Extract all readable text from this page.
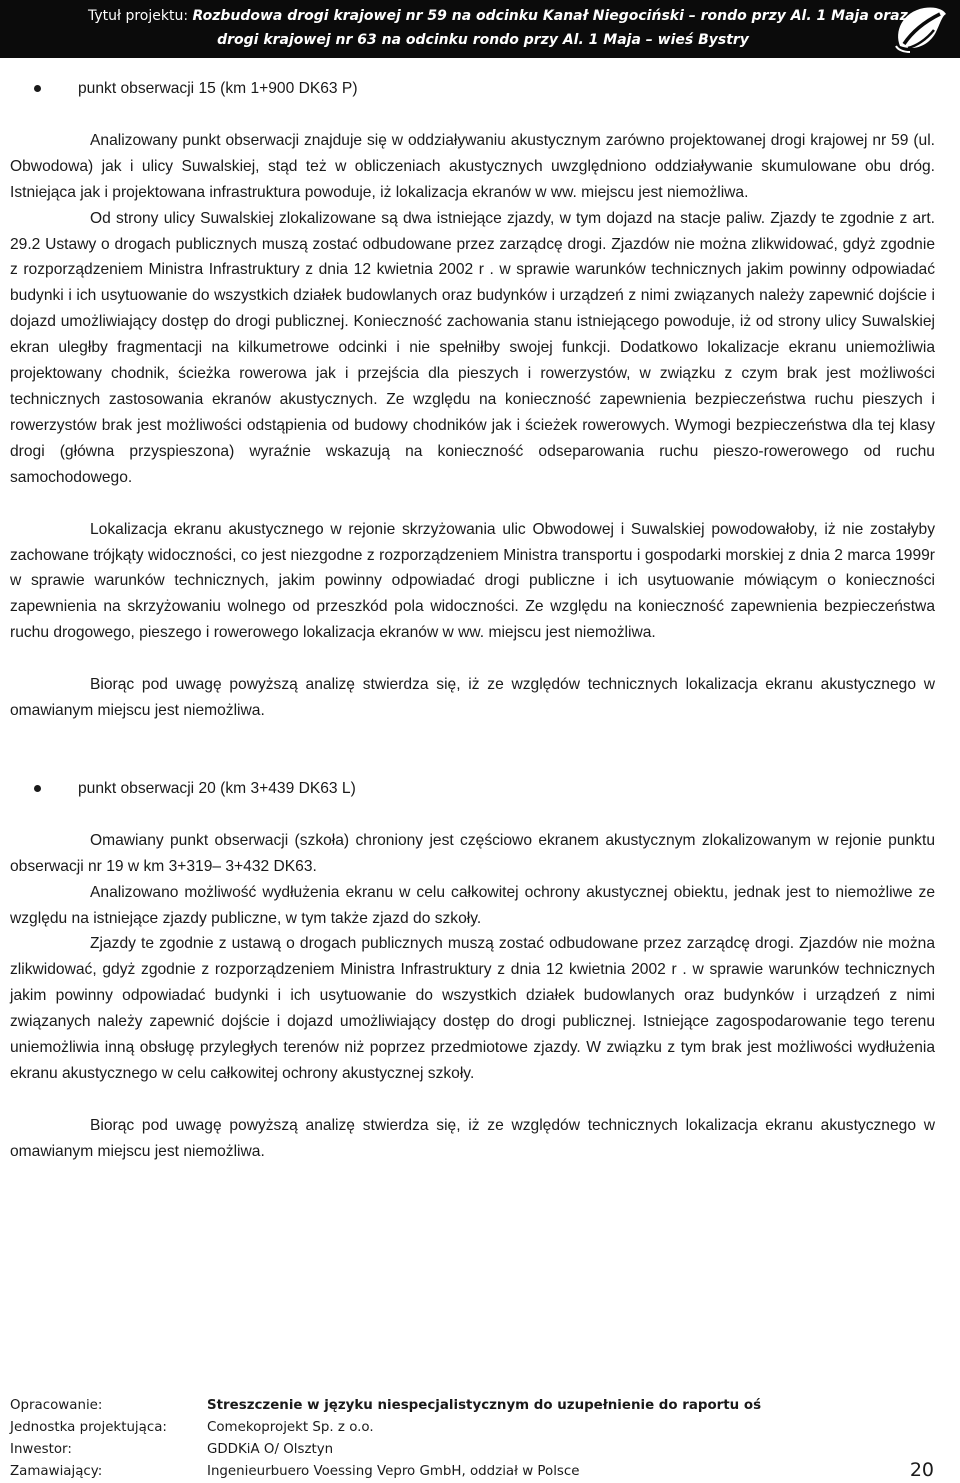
Tytuł projektu: Rozbudowa drogi krajowej nr 59 na odcinku Kanał Niegociński – rondo przy Al. 1 Maja oraz
drogi krajowej nr 63 na odcinku rondo przy Al. 1 Maja – wieś Bystry

punkt obserwacji 15 (km 1+900 DK63 P)

Analizowany punkt obserwacji znajduje się w oddziaływaniu akustycznym zarówno projektowanej drogi krajowej nr 59 (ul. Obwodowa) jak i ulicy Suwalskiej, stąd też w obliczeniach akustycznych uwzględniono oddziaływanie skumulowane obu dróg. Istniejąca jak i projektowana infrastruktura powoduje, iż lokalizacja ekranów w ww. miejscu jest niemożliwa.

Od strony ulicy Suwalskiej zlokalizowane są dwa istniejące zjazdy, w tym dojazd na stacje paliw. Zjazdy te zgodnie z art. 29.2 Ustawy o drogach publicznych muszą zostać odbudowane przez zarządcę drogi. Zjazdów nie można zlikwidować, gdyż zgodnie z rozporządzeniem Ministra Infrastruktury z dnia 12 kwietnia 2002 r . w sprawie warunków technicznych jakim powinny odpowiadać budynki i ich usytuowanie do wszystkich działek budowlanych oraz budynków i urządzeń z nimi związanych należy zapewnić dojście i dojazd umożliwiający dostęp do drogi publicznej. Konieczność zachowania stanu istniejącego powoduje, iż od strony ulicy Suwalskiej ekran uległby fragmentacji na kilkumetrowe odcinki i nie spełniłby swojej funkcji. Dodatkowo lokalizacje ekranu uniemożliwia projektowany chodnik, ścieżka rowerowa jak i przejścia dla pieszych i rowerzystów, w związku z czym brak jest możliwości technicznych zastosowania ekranów akustycznych. Ze względu na konieczność zapewnienia bezpieczeństwa ruchu pieszych i rowerzystów brak jest możliwości odstąpienia od budowy chodników jak i ścieżek rowerowych. Wymogi bezpieczeństwa dla tej klasy drogi (główna przyspieszona) wyraźnie wskazują na konieczność odseparowania ruchu pieszo-rowerowego od ruchu samochodowego.

Lokalizacja ekranu akustycznego w rejonie skrzyżowania ulic Obwodowej i Suwalskiej powodowałoby, iż nie zostałyby zachowane trójkąty widoczności, co jest niezgodne z rozporządzeniem Ministra transportu i gospodarki morskiej z dnia 2 marca 1999r w sprawie warunków technicznych, jakim powinny odpowiadać drogi publiczne i ich usytuowanie mówiącym o konieczności zapewnienia na skrzyżowaniu wolnego od przeszkód pola widoczności. Ze względu na konieczność zapewnienia bezpieczeństwa ruchu drogowego, pieszego i rowerowego lokalizacja ekranów w ww. miejscu jest niemożliwa.

Biorąc pod uwagę powyższą analizę stwierdza się, iż ze względów technicznych lokalizacja ekranu akustycznego w omawianym miejscu jest niemożliwa.

punkt obserwacji 20 (km 3+439 DK63 L)

Omawiany punkt obserwacji (szkoła) chroniony jest częściowo ekranem akustycznym zlokalizowanym w rejonie punktu obserwacji nr 19 w km 3+319– 3+432 DK63.

Analizowano możliwość wydłużenia ekranu w celu całkowitej ochrony akustycznej obiektu, jednak jest to niemożliwe ze względu na istniejące zjazdy publiczne, w tym także zjazd do szkoły.

Zjazdy te zgodnie z ustawą o drogach publicznych muszą zostać odbudowane przez zarządcę drogi. Zjazdów nie można zlikwidować, gdyż zgodnie z rozporządzeniem Ministra Infrastruktury z dnia 12 kwietnia 2002 r . w sprawie warunków technicznych jakim powinny odpowiadać budynki i ich usytuowanie do wszystkich działek budowlanych oraz budynków i urządzeń z nimi związanych należy zapewnić dojście i dojazd umożliwiający dostęp do drogi publicznej. Istniejące zagospodarowanie tego terenu uniemożliwia inną obsługę przyległych terenów niż poprzez przedmiotowe zjazdy. W związku z tym brak jest możliwości wydłużenia ekranu akustycznego w celu całkowitej ochrony akustycznej szkoły.

Biorąc pod uwagę powyższą analizę stwierdza się, iż ze względów technicznych lokalizacja ekranu akustycznego w omawianym miejscu jest niemożliwa.

Opracowanie:	Streszczenie w języku niespecjalistycznym do uzupełnienie do raportu oś
Jednostka projektująca:	Comekoprojekt Sp. z o.o.
Inwestor:	GDDKiA O/ Olsztyn
Zamawiający:	Ingenieurbuero Voessing Vepro GmbH, oddział w Polsce	20
